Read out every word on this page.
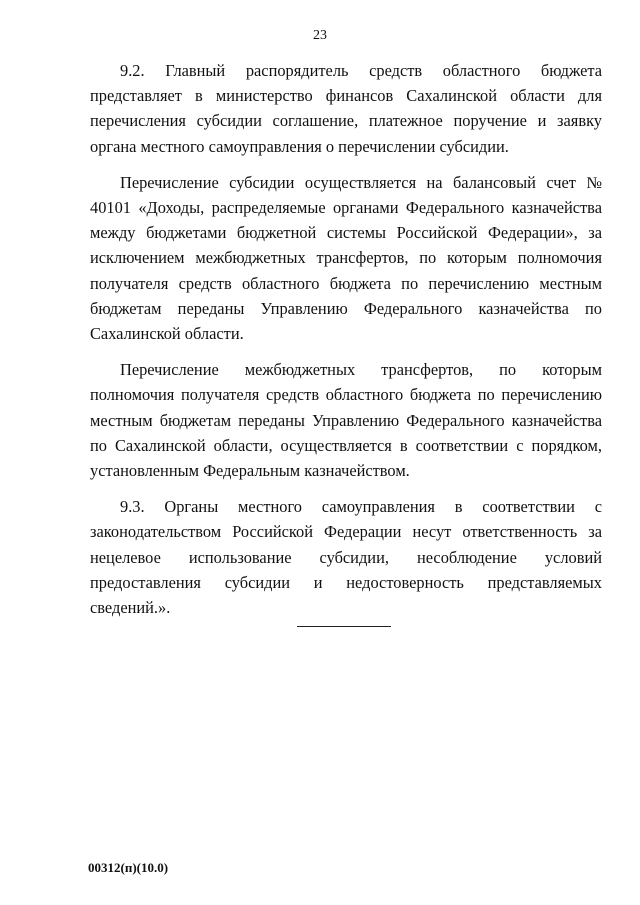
23

9.2. Главный распорядитель средств областного бюджета представляет в министерство финансов Сахалинской области для перечисления субсидии соглашение, платежное поручение и заявку органа местного самоуправления о перечислении субсидии.

Перечисление субсидии осуществляется на балансовый счет № 40101 «Доходы, распределяемые органами Федерального казначейства между бюджетами бюджетной системы Российской Федерации», за исключением межбюджетных трансфертов, по которым полномочия получателя средств областного бюджета по перечислению местным бюджетам переданы Управлению Федерального казначейства по Сахалинской области.

Перечисление межбюджетных трансфертов, по которым полномочия получателя средств областного бюджета по перечислению местным бюджетам переданы Управлению Федерального казначейства по Сахалинской области, осуществляется в соответствии с порядком, установленным Федеральным казначейством.

9.3. Органы местного самоуправления в соответствии с законодательством Российской Федерации несут ответственность за нецелевое использование субсидии, несоблюдение условий предоставления субсидии и недостоверность представляемых сведений.».

00312(п)(10.0)
